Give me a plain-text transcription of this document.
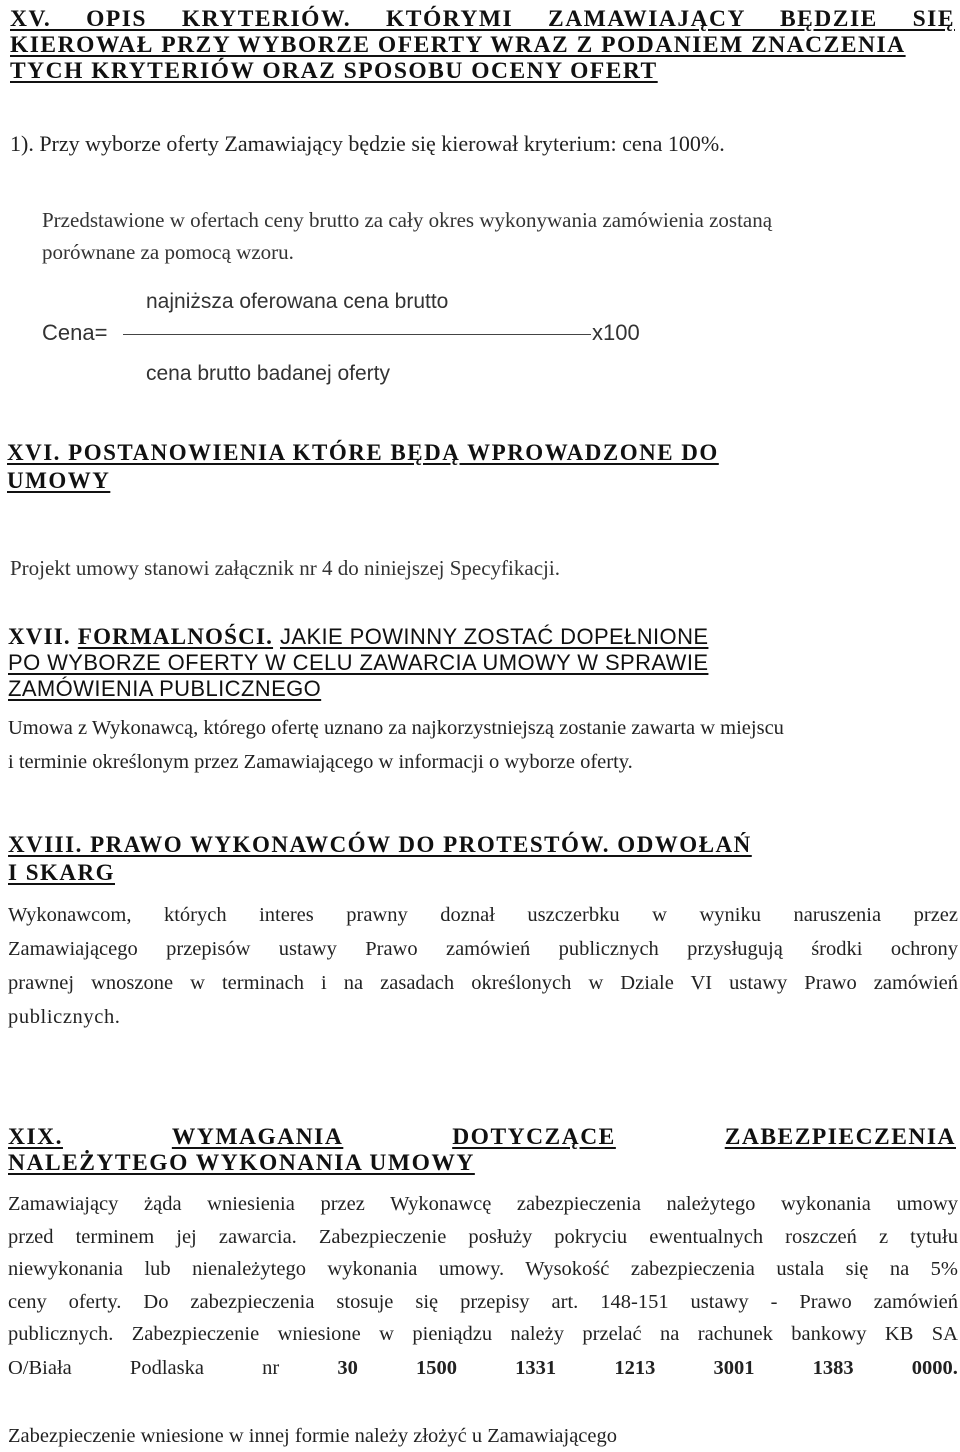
XV. OPIS KRYTERIÓW. KTÓRYMI ZAMAWIAJĄCY BĘDZIE SIĘ
KIEROWAŁ PRZY WYBORZE OFERTY WRAZ Z PODANIEM ZNACZENIA
TYCH KRYTERIÓW ORAZ SPOSOBU OCENY OFERT
1). Przy wyborze oferty Zamawiający będzie się kierował kryterium: cena 100%.
Przedstawione w ofertach ceny brutto za cały okres wykonywania zamówienia zostaną
porównane za pomocą wzoru.
najniższa oferowana cena brutto
Cena=	x100
cena brutto badanej oferty
XVI. POSTANOWIENIA KTÓRE BĘDĄ WPROWADZONE DO
UMOWY
Projekt umowy stanowi załącznik nr 4 do niniejszej Specyfikacji.
XVII. FORMALNOŚCI. JAKIE POWINNY ZOSTAĆ DOPEŁNIONE
PO WYBORZE OFERTY W CELU ZAWARCIA UMOWY W SPRAWIE
ZAMÓWIENIA PUBLICZNEGO
Umowa z Wykonawcą, którego ofertę uznano za najkorzystniejszą zostanie zawarta w miejscu
i terminie określonym przez Zamawiającego w informacji o wyborze oferty.
XVIII. PRAWO WYKONAWCÓW DO PROTESTÓW. ODWOŁAŃ
I SKARG
Wykonawcom, których interes prawny doznał uszczerbku w wyniku naruszenia przez
Zamawiającego przepisów ustawy Prawo zamówień publicznych przysługują środki ochrony
prawnej wnoszone w terminach i na zasadach określonych w Dziale VI ustawy Prawo zamówień
publicznych.
XIX.	WYMAGANIA	DOTYCZĄCE	ZABEZPIECZENIA
NALEŻYTEGO WYKONANIA UMOWY
Zamawiający żąda wniesienia przez Wykonawcę zabezpieczenia należytego wykonania umowy
przed terminem jej zawarcia. Zabezpieczenie posłuży pokryciu ewentualnych roszczeń z tytułu
niewykonania lub nienależytego wykonania umowy. Wysokość zabezpieczenia ustala się na 5%
ceny oferty. Do zabezpieczenia stosuje się przepisy art. 148-151 ustawy - Prawo zamówień
publicznych. Zabezpieczenie wniesione w pieniądzu należy przelać na rachunek bankowy KB SA
O/Biała	Podlaska	nr	30	1500	1331	1213	3001	1383	0000.
Zabezpieczenie wniesione w innej formie należy złożyć u Zamawiającego
